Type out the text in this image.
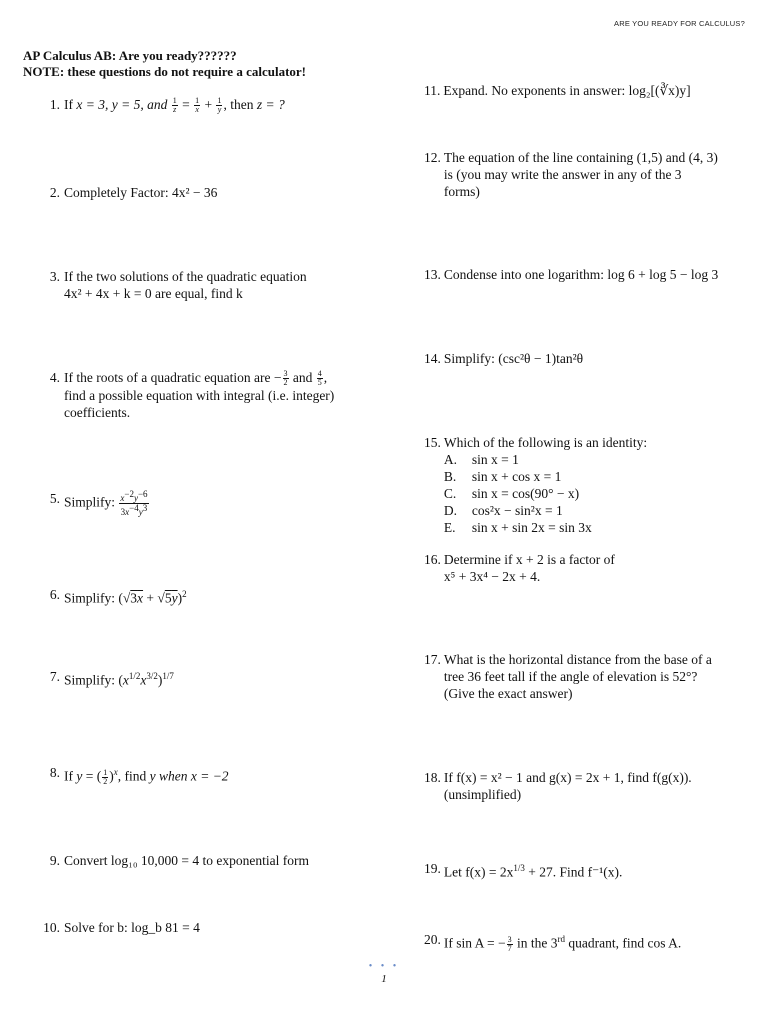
ARE YOU READY FOR CALCULUS?
AP Calculus AB: Are you ready??????
NOTE: these questions do not require a calculator!
1. If x = 3, y = 5, and $\frac{1}{z} = \frac{1}{x} + \frac{1}{y}$ , then z = ?
2. Completely Factor: 4x² − 36
3. If the two solutions of the quadratic equation
4x² + 4x + k = 0 are equal, find k
4. If the roots of a quadratic equation are − $\frac{3}{2}$ and $\frac{4}{5}$ ,
find a possible equation with integral (i.e. integer)
coefficients.
5. Simplify: $\frac{x^{-2}y^{-6}}{3x^{-4}y^3}$
6. Simplify: $(√3x + √5y)^2$
7. Simplify: $(x^{1/2}x^{3/2})^{1/7}$
8. If y = ( $\frac{1}{2} )^x$, find y when x = −2
9. Convert log₁₀ 10,000 = 4 to exponential form
10. Solve for b: log_b 81 = 4
11. Expand. No exponents in answer: log₂[(∛x)y]
12. The equation of the line containing (1,5) and (4, 3)
is (you may write the answer in any of the 3
forms)
13. Condense into one logarithm: log 6 + log 5 − log 3
14. Simplify: (csc²θ − 1)tan²θ
15. Which of the following is an identity:
A. sin x = 1
B. sin x + cos x = 1
C. sin x = cos(90° − x)
D. cos²x − sin²x = 1
E. sin x + sin 2x = sin 3x
16. Determine if x + 2 is a factor of
x⁵ + 3x⁴ − 2x + 4.
17. What is the horizontal distance from the base of a
tree 36 feet tall if the angle of elevation is 52°?
(Give the exact answer)
18. If f(x) = x² − 1 and g(x) = 2x + 1, find f(g(x)).
(unsimplified)
19. Let $f(x) = 2x^{1/3} + 27$. Find f⁻¹(x).
20. If sin A = − $\frac{3}{7}$ in the 3rd quadrant, find cos A.
• • •
1
